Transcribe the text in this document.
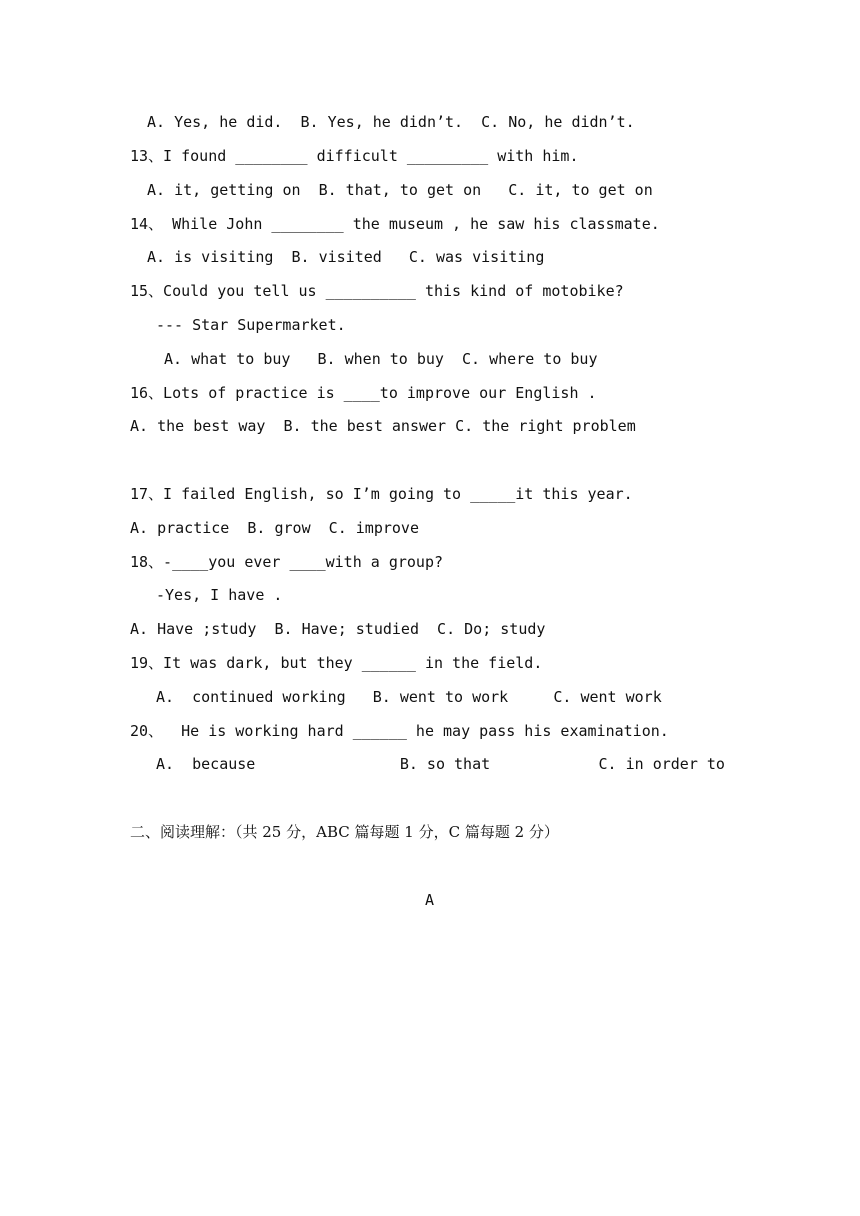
A. Yes, he did.  B. Yes, he didn’t.  C. No, he didn’t.
13、I found ________ difficult _________ with him.
A. it, getting on  B. that, to get on   C. it, to get on
14、 While John ________ the museum , he saw his classmate.
A. is visiting  B. visited   C. was visiting
15、Could you tell us __________ this kind of motobike?
--- Star Supermarket.
A. what to buy   B. when to buy  C. where to buy
16、Lots of practice is ____to improve our English .
A. the best way  B. the best answer C. the right problem
17、I failed English, so I’m going to _____it this year.
A. practice  B. grow  C. improve
18、-____you ever ____with a group?
-Yes, I have .
A. Have ;study  B. Have; studied  C. Do; study
19、It was dark, but they ______ in the field.
A.  continued working   B. went to work     C. went work
20、  He is working hard ______ he may pass his examination.
A.  because                B. so that            C. in order to
二、阅读理解：（共 25 分，ABC 篇每题 1 分，C 篇每题 2 分）
A
